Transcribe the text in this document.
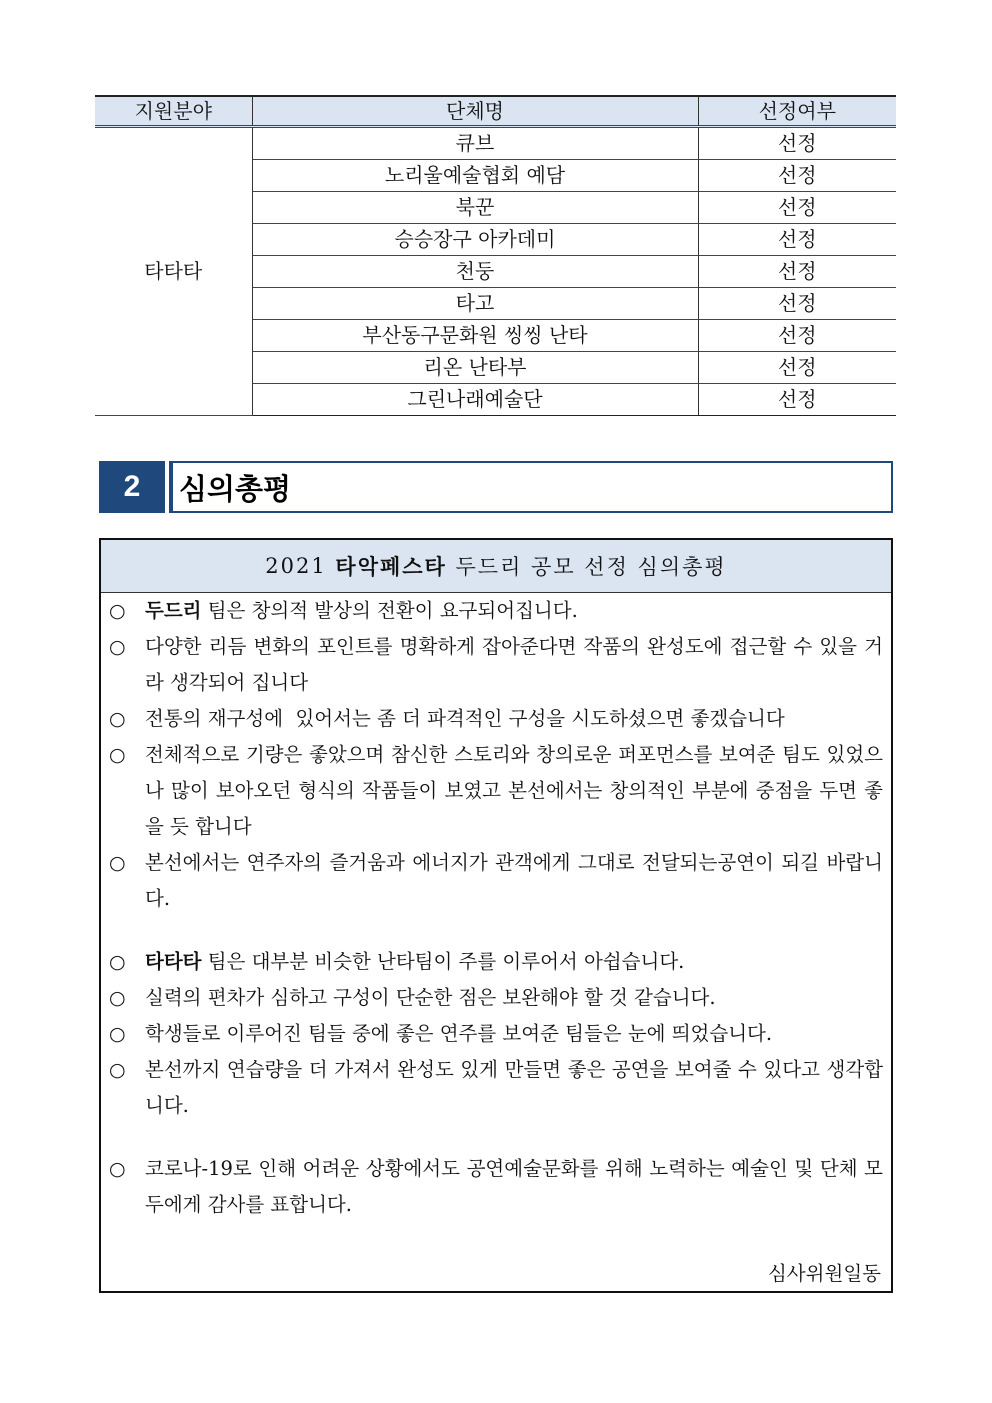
지원분야	단체명	선정여부
타타타	큐브	선정
	노리울예술협회 예담	선정
	북꾼	선정
	승승장구 아카데미	선정
	천둥	선정
	타고	선정
	부산동구문화원 씽씽 난타	선정
	리온 난타부	선정
	그린나래예술단	선정
2	심의총평
2021 타악페스타 두드리 공모 선정 심의총평
○ 두드리 팀은 창의적 발상의 전환이 요구되어집니다.
○ 다양한 리듬 변화의 포인트를 명확하게 잡아준다면 작품의 완성도에 접근할 수 있을 거라 생각되어 집니다
○ 전통의 재구성에  있어서는 좀 더 파격적인 구성을 시도하셨으면 좋겠습니다
○ 전체적으로 기량은 좋았으며 참신한 스토리와 창의로운 퍼포먼스를 보여준 팀도 있었으나 많이 보아오던 형식의 작품들이 보였고 본선에서는 창의적인 부분에 중점을 두면 좋을 듯 합니다
○ 본선에서는 연주자의 즐거움과 에너지가 관객에게 그대로 전달되는공연이 되길 바랍니다.
○ 타타타 팀은 대부분 비슷한 난타팀이 주를 이루어서 아쉽습니다.
○ 실력의 편차가 심하고 구성이 단순한 점은 보완해야 할 것 같습니다.
○ 학생들로 이루어진 팀들 중에 좋은 연주를 보여준 팀들은 눈에 띄었습니다.
○ 본선까지 연습량을 더 가져서 완성도 있게 만들면 좋은 공연을 보여줄 수 있다고 생각합니다.
○ 코로나-19로 인해 어려운 상황에서도 공연예술문화를 위해 노력하는 예술인 및 단체 모두에게 감사를 표합니다.
심사위원일동
